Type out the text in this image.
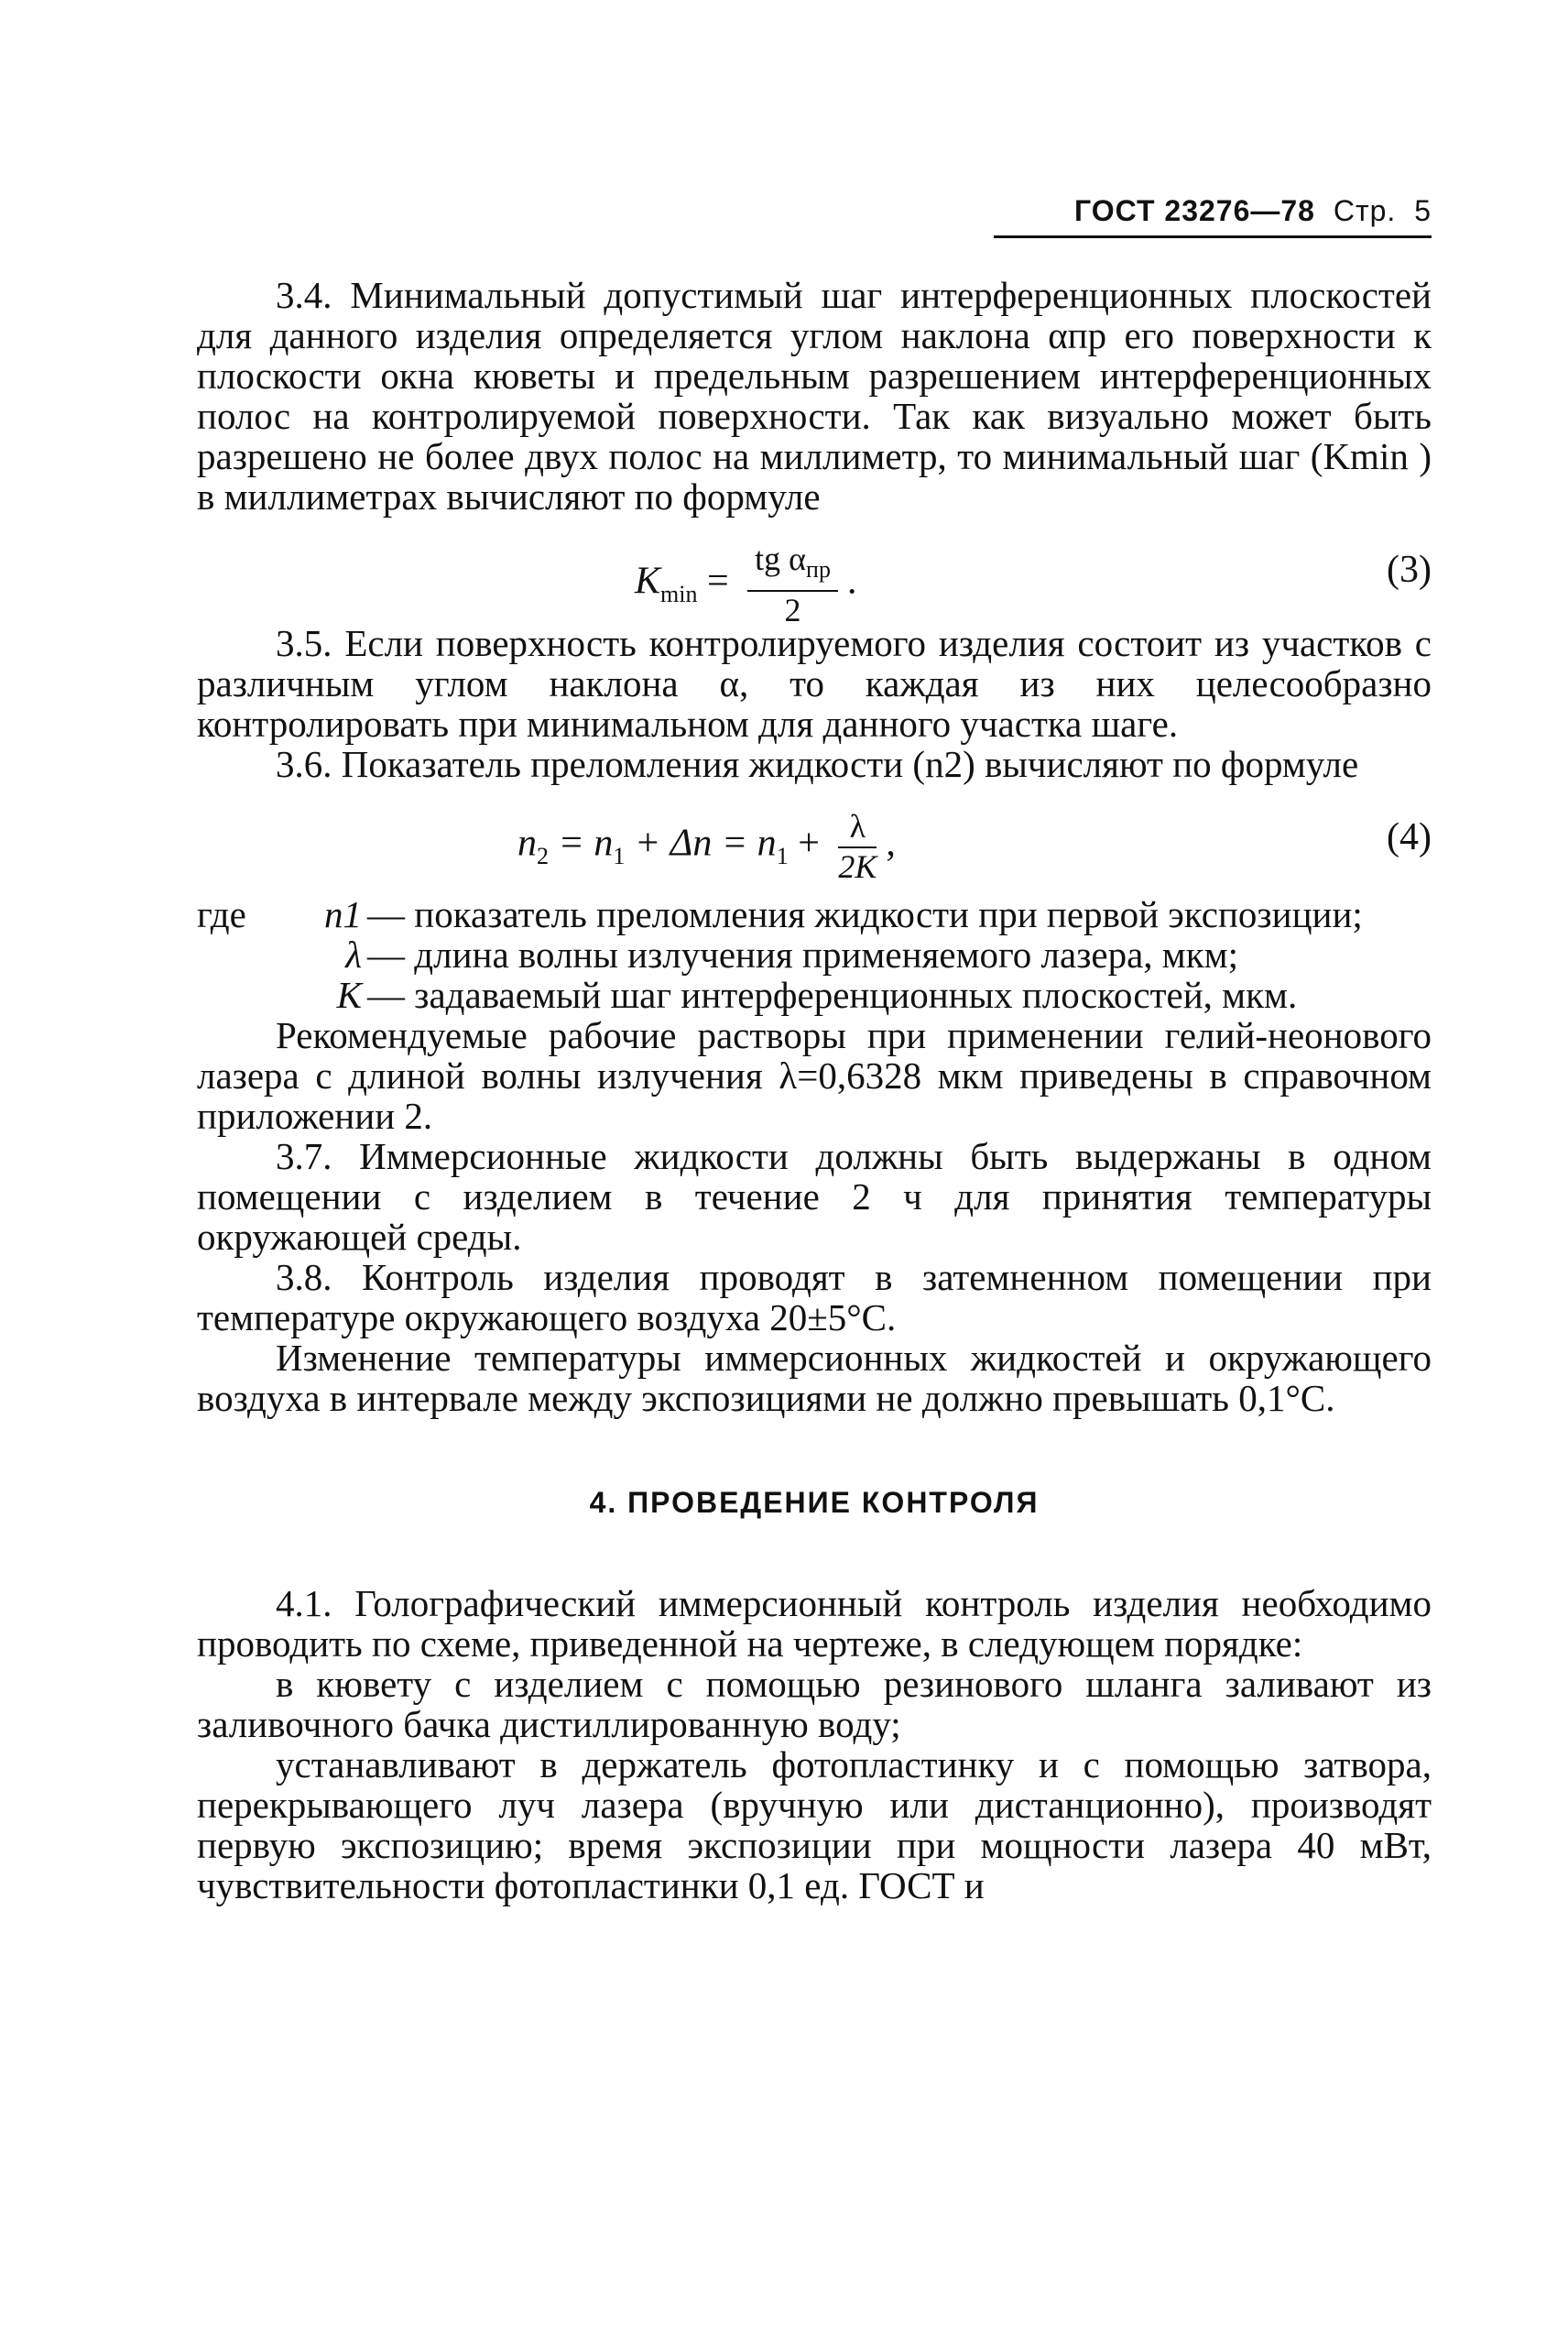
ГОСТ 23276—78 Стр. 5

3.4. Минимальный допустимый шаг интерференционных плоскостей для данного изделия определяется углом наклона αпр его поверхности к плоскости окна кюветы и предельным разрешением интерференционных полос на контролируемой поверхности. Так как визуально может быть разрешено не более двух полос на миллиметр, то минимальный шаг (Kmin ) в миллиметрах вычисляют по формуле

$K_{min} = \frac{tg \alpha_{пр}}{2}$ .	(3)

3.5. Если поверхность контролируемого изделия состоит из участков с различным углом наклона α, то каждая из них целесообразно контролировать при минимальном для данного участка шаге.

3.6. Показатель преломления жидкости (n2) вычисляют по формуле

$n_2 = n_1 + \Delta n = n_1 + \frac{\lambda}{2K}$ ,	(4)
где	n1 — показатель преломления жидкости при первой экспозиции;
λ — длина волны излучения применяемого лазера, мкм;
K — задаваемый шаг интерференционных плоскостей, мкм.

Рекомендуемые рабочие растворы при применении гелий-неонового лазера с длиной волны излучения λ=0,6328 мкм приведены в справочном приложении 2.

3.7. Иммерсионные жидкости должны быть выдержаны в одном помещении с изделием в течение 2 ч для принятия температуры окружающей среды.

3.8. Контроль изделия проводят в затемненном помещении при температуре окружающего воздуха 20±5°С.

Изменение температуры иммерсионных жидкостей и окружающего воздуха в интервале между экспозициями не должно превышать 0,1°С.

4. ПРОВЕДЕНИЕ КОНТРОЛЯ

4.1. Голографический иммерсионный контроль изделия необходимо проводить по схеме, приведенной на чертеже, в следующем порядке:

в кювету с изделием с помощью резинового шланга заливают из заливочного бачка дистиллированную воду;

устанавливают в держатель фотопластинку и с помощью затвора, перекрывающего луч лазера (вручную или дистанционно), производят первую экспозицию; время экспозиции при мощности лазера 40 мВт, чувствительности фотопластинки 0,1 ед. ГОСТ и
